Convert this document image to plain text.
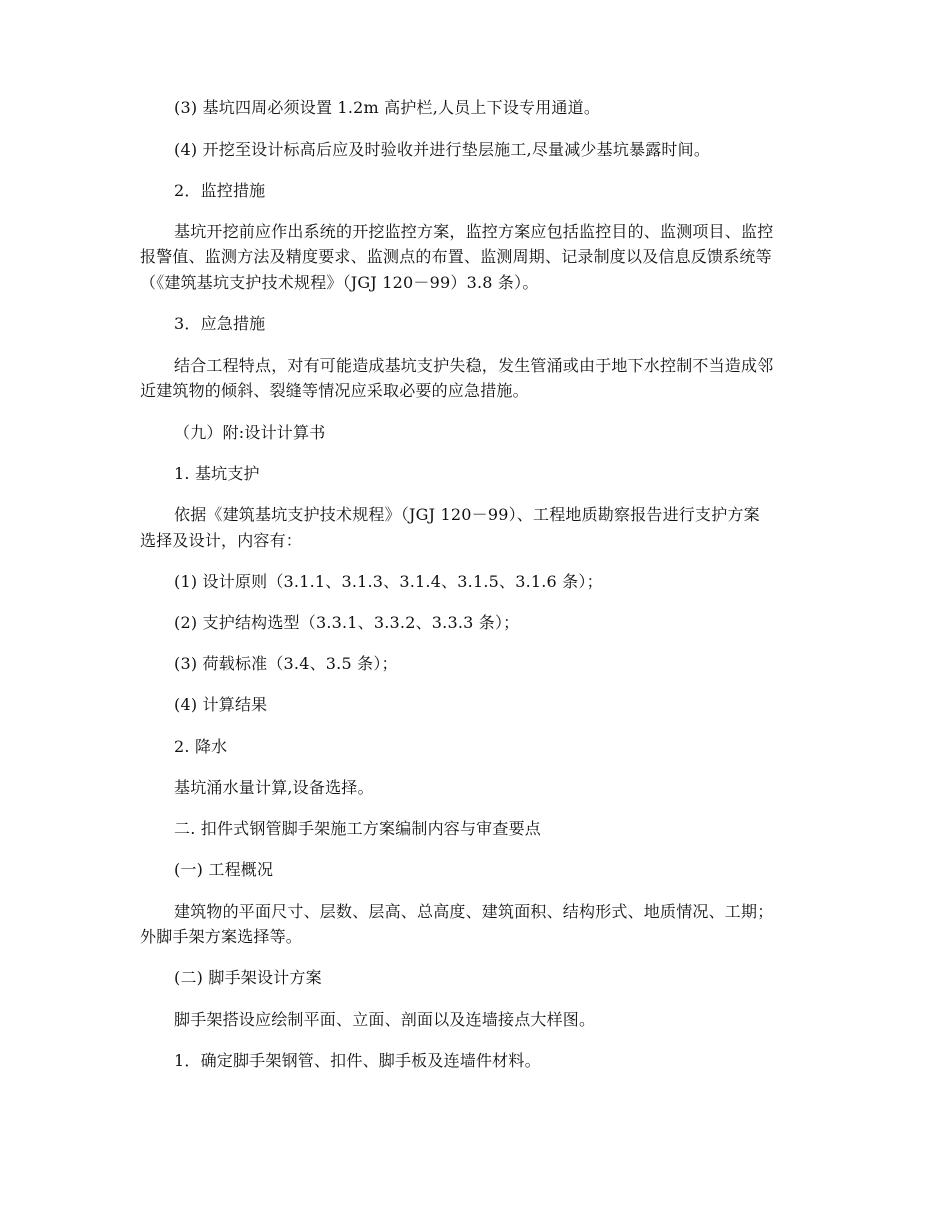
(3) 基坑四周必须设置 1.2m 高护栏,人员上下设专用通道。
(4) 开挖至设计标高后应及时验收并进行垫层施工,尽量减少基坑暴露时间。
2．监控措施
基坑开挖前应作出系统的开挖监控方案，监控方案应包括监控目的、监测项目、监控
报警值、监测方法及精度要求、监测点的布置、监测周期、记录制度以及信息反馈系统等
（《建筑基坑支护技术规程》（JGJ 120－99）3.8 条）。
3．应急措施
结合工程特点，对有可能造成基坑支护失稳，发生管涌或由于地下水控制不当造成邻
近建筑物的倾斜、裂缝等情况应采取必要的应急措施。
（九）附:设计计算书
1. 基坑支护
依据《建筑基坑支护技术规程》（JGJ 120－99）、工程地质勘察报告进行支护方案
选择及设计，内容有：
(1) 设计原则（3.1.1、3.1.3、3.1.4、3.1.5、3.1.6 条）；
(2) 支护结构选型（3.3.1、3.3.2、3.3.3 条）；
(3) 荷载标准（3.4、3.5 条）；
(4) 计算结果
2. 降水
基坑涌水量计算,设备选择。
二. 扣件式钢管脚手架施工方案编制内容与审查要点
(一) 工程概况
建筑物的平面尺寸、层数、层高、总高度、建筑面积、结构形式、地质情况、工期；
外脚手架方案选择等。
(二) 脚手架设计方案
脚手架搭设应绘制平面、立面、剖面以及连墙接点大样图。
1．确定脚手架钢管、扣件、脚手板及连墙件材料。
